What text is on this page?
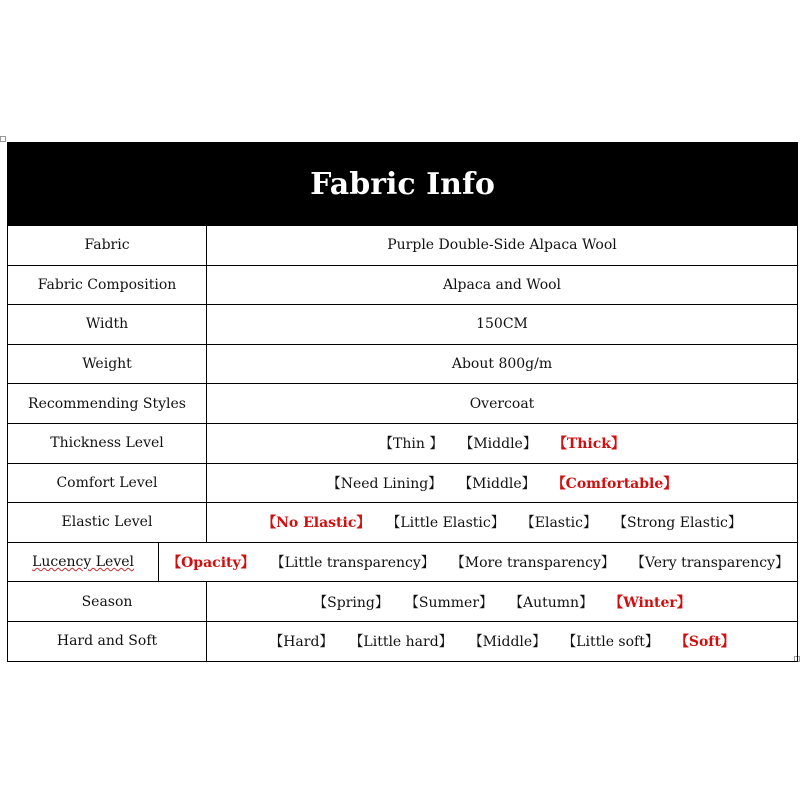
Fabric Info
Fabric	Purple Double-Side Alpaca Wool
Fabric Composition	Alpaca and Wool
Width	150CM
Weight	About 800g/m
Recommending Styles	Overcoat
Thickness Level	【Thin 】 【Middle】 【Thick】
Comfort Level	【Need Lining】 【Middle】 【Comfortable】
Elastic Level	【No Elastic】 【Little Elastic】 【Elastic】 【Strong Elastic】
Lucency Level	【Opacity】 【Little transparency】 【More transparency】 【Very transparency】
Season	【Spring】 【Summer】 【Autumn】 【Winter】
Hard and Soft	【Hard】 【Little hard】 【Middle】 【Little soft】 【Soft】
